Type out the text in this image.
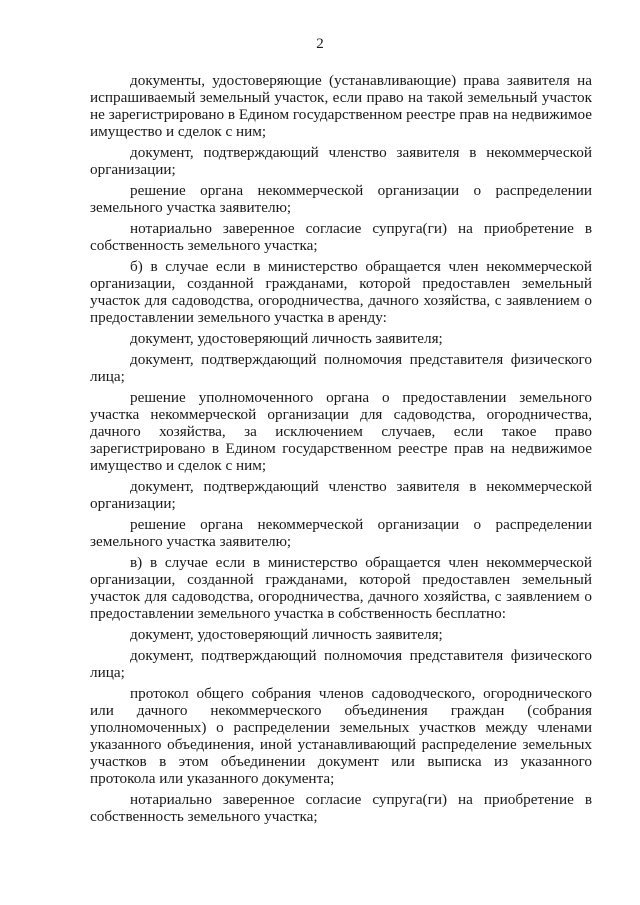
2

документы, удостоверяющие (устанавливающие) права заявителя на испрашиваемый земельный участок, если право на такой земельный участок не зарегистрировано в Едином государственном реестре прав на недвижимое имущество и сделок с ним;

документ, подтверждающий членство заявителя в некоммерческой организации;

решение органа некоммерческой организации о распределении земельного участка заявителю;

нотариально заверенное согласие супруга(ги) на приобретение в собственность земельного участка;

б) в случае если в министерство обращается член некоммерческой организации, созданной гражданами, которой предоставлен земельный участок для садоводства, огородничества, дачного хозяйства, с заявлением о предоставлении земельного участка в аренду:

документ, удостоверяющий личность заявителя;

документ, подтверждающий полномочия представителя физического лица;

решение уполномоченного органа о предоставлении земельного участка некоммерческой организации для садоводства, огородничества, дачного хозяйства, за исключением случаев, если такое право зарегистрировано в Едином государственном реестре прав на недвижимое имущество и сделок с ним;

документ, подтверждающий членство заявителя в некоммерческой организации;

решение органа некоммерческой организации о распределении земельного участка заявителю;

в) в случае если в министерство обращается член некоммерческой организации, созданной гражданами, которой предоставлен земельный участок для садоводства, огородничества, дачного хозяйства, с заявлением о предоставлении земельного участка в собственность бесплатно:

документ, удостоверяющий личность заявителя;

документ, подтверждающий полномочия представителя физического лица;

протокол общего собрания членов садоводческого, огороднического или дачного некоммерческого объединения граждан (собрания уполномоченных) о распределении земельных участков между членами указанного объединения, иной устанавливающий распределение земельных участков в этом объединении документ или выписка из указанного протокола или указанного документа;

нотариально заверенное согласие супруга(ги) на приобретение в собственность земельного участка;
